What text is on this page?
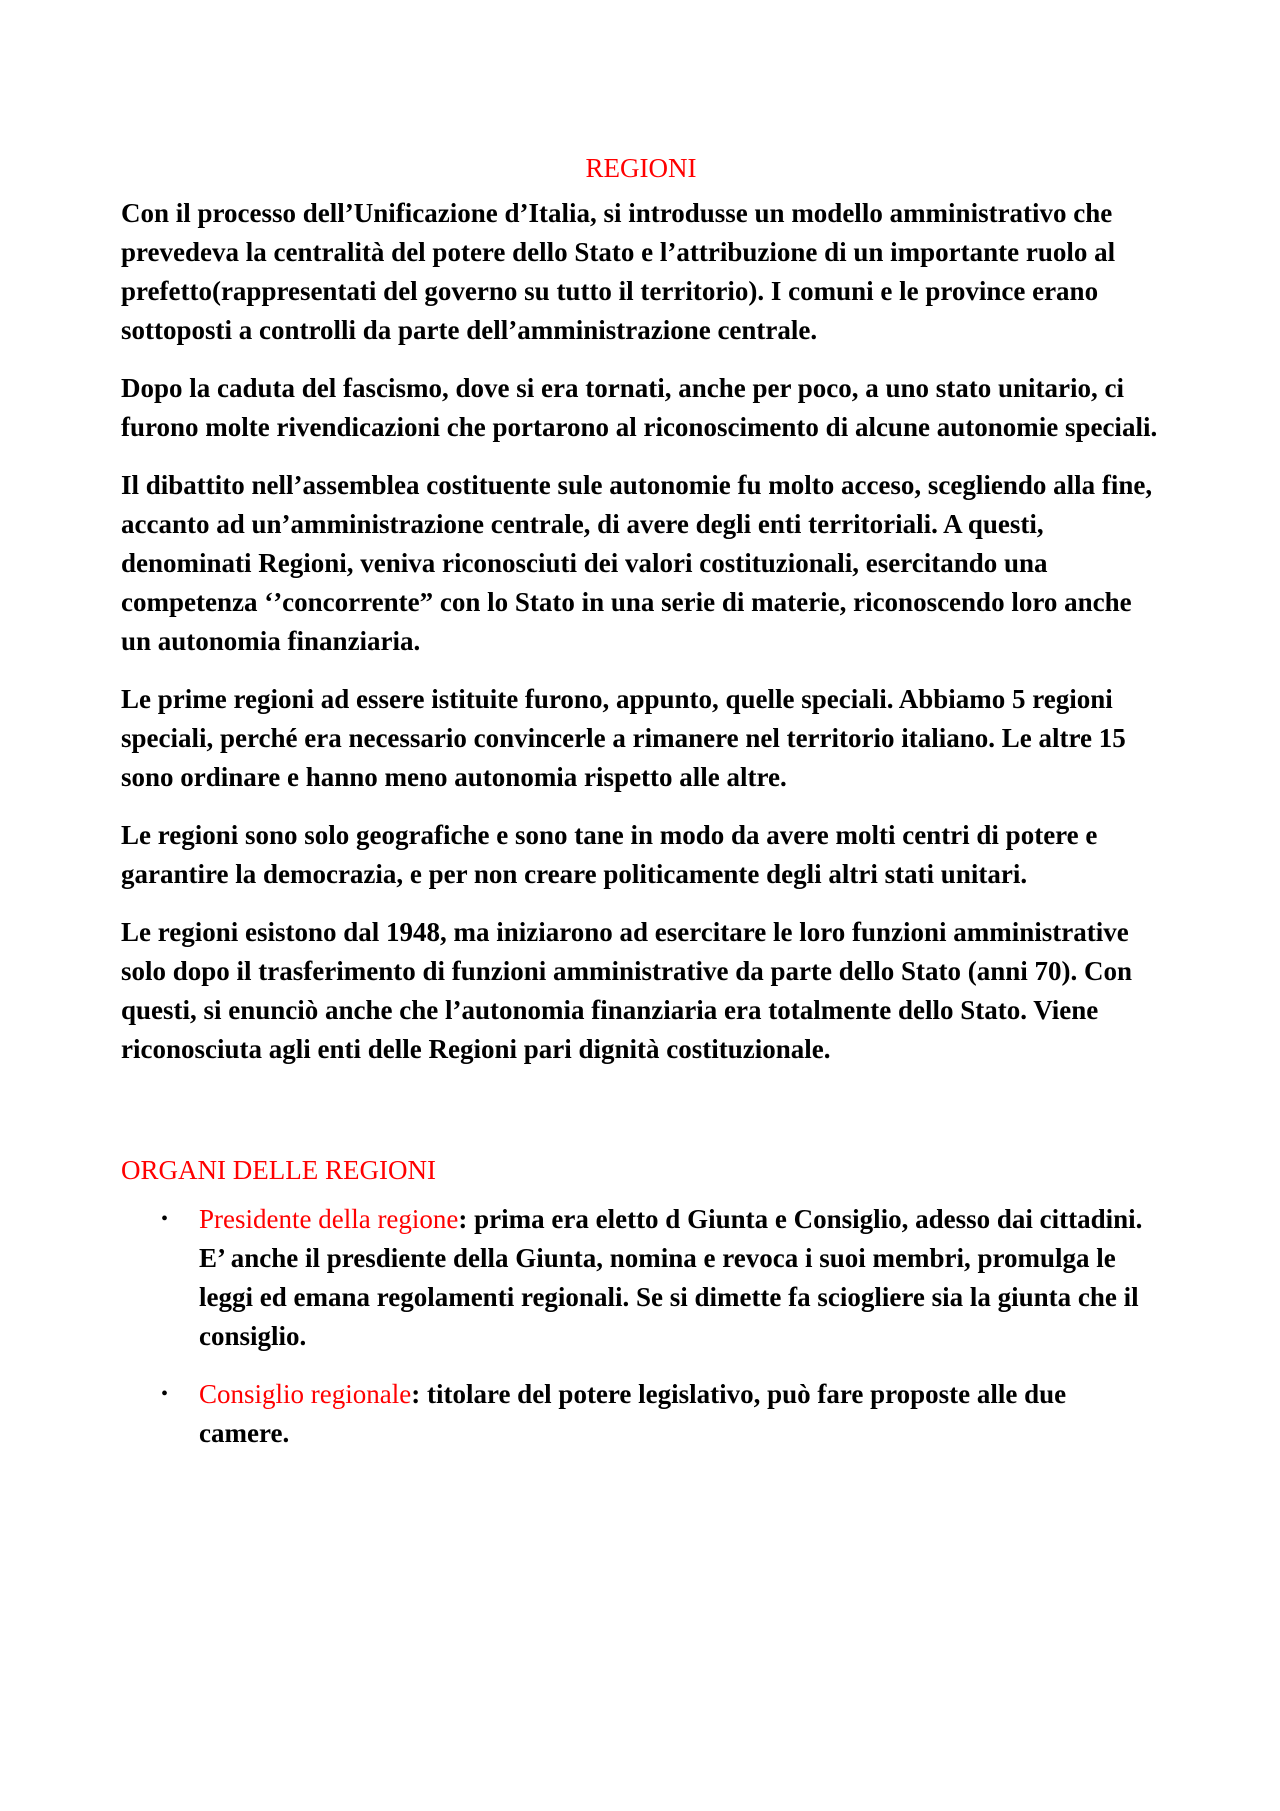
REGIONI

Con il processo dell’Unificazione d’Italia, si introdusse un modello amministrativo che prevedeva la centralità del potere dello Stato e l’attribuzione di un importante ruolo al prefetto(rappresentati del governo su tutto il territorio). I comuni e le province erano sottoposti a controlli da parte dell’amministrazione centrale.

Dopo la caduta del fascismo, dove si era tornati, anche per poco, a uno stato unitario, ci furono molte rivendicazioni che portarono al riconoscimento di alcune autonomie speciali.

Il dibattito nell’assemblea costituente sule autonomie fu molto acceso, scegliendo alla fine, accanto ad un’amministrazione centrale, di avere degli enti territoriali. A questi, denominati Regioni, veniva riconosciuti dei valori costituzionali, esercitando una competenza ‘’concorrente” con lo Stato in una serie di materie, riconoscendo loro anche un autonomia finanziaria.

Le prime regioni ad essere istituite furono, appunto, quelle speciali. Abbiamo 5 regioni speciali, perché era necessario convincerle a rimanere nel territorio italiano. Le altre 15 sono ordinare e hanno meno autonomia rispetto alle altre.

Le regioni sono solo geografiche e sono tane in modo da avere molti centri di potere e garantire la democrazia, e per non creare politicamente degli altri stati unitari.

Le regioni esistono dal 1948, ma iniziarono ad esercitare le loro funzioni amministrative solo dopo il trasferimento di funzioni amministrative da parte dello Stato (anni 70). Con questi, si enunciò anche che l’autonomia finanziaria era totalmente dello Stato. Viene riconosciuta agli enti delle Regioni pari dignità costituzionale.

ORGANI DELLE REGIONI
• Presidente della regione: prima era eletto d Giunta e Consiglio, adesso dai cittadini. E’ anche il presdiente della Giunta, nomina e revoca i suoi membri, promulga le leggi ed emana regolamenti regionali. Se si dimette fa sciogliere sia la giunta che il consiglio.
• Consiglio regionale: titolare del potere legislativo, può fare proposte alle due camere.
